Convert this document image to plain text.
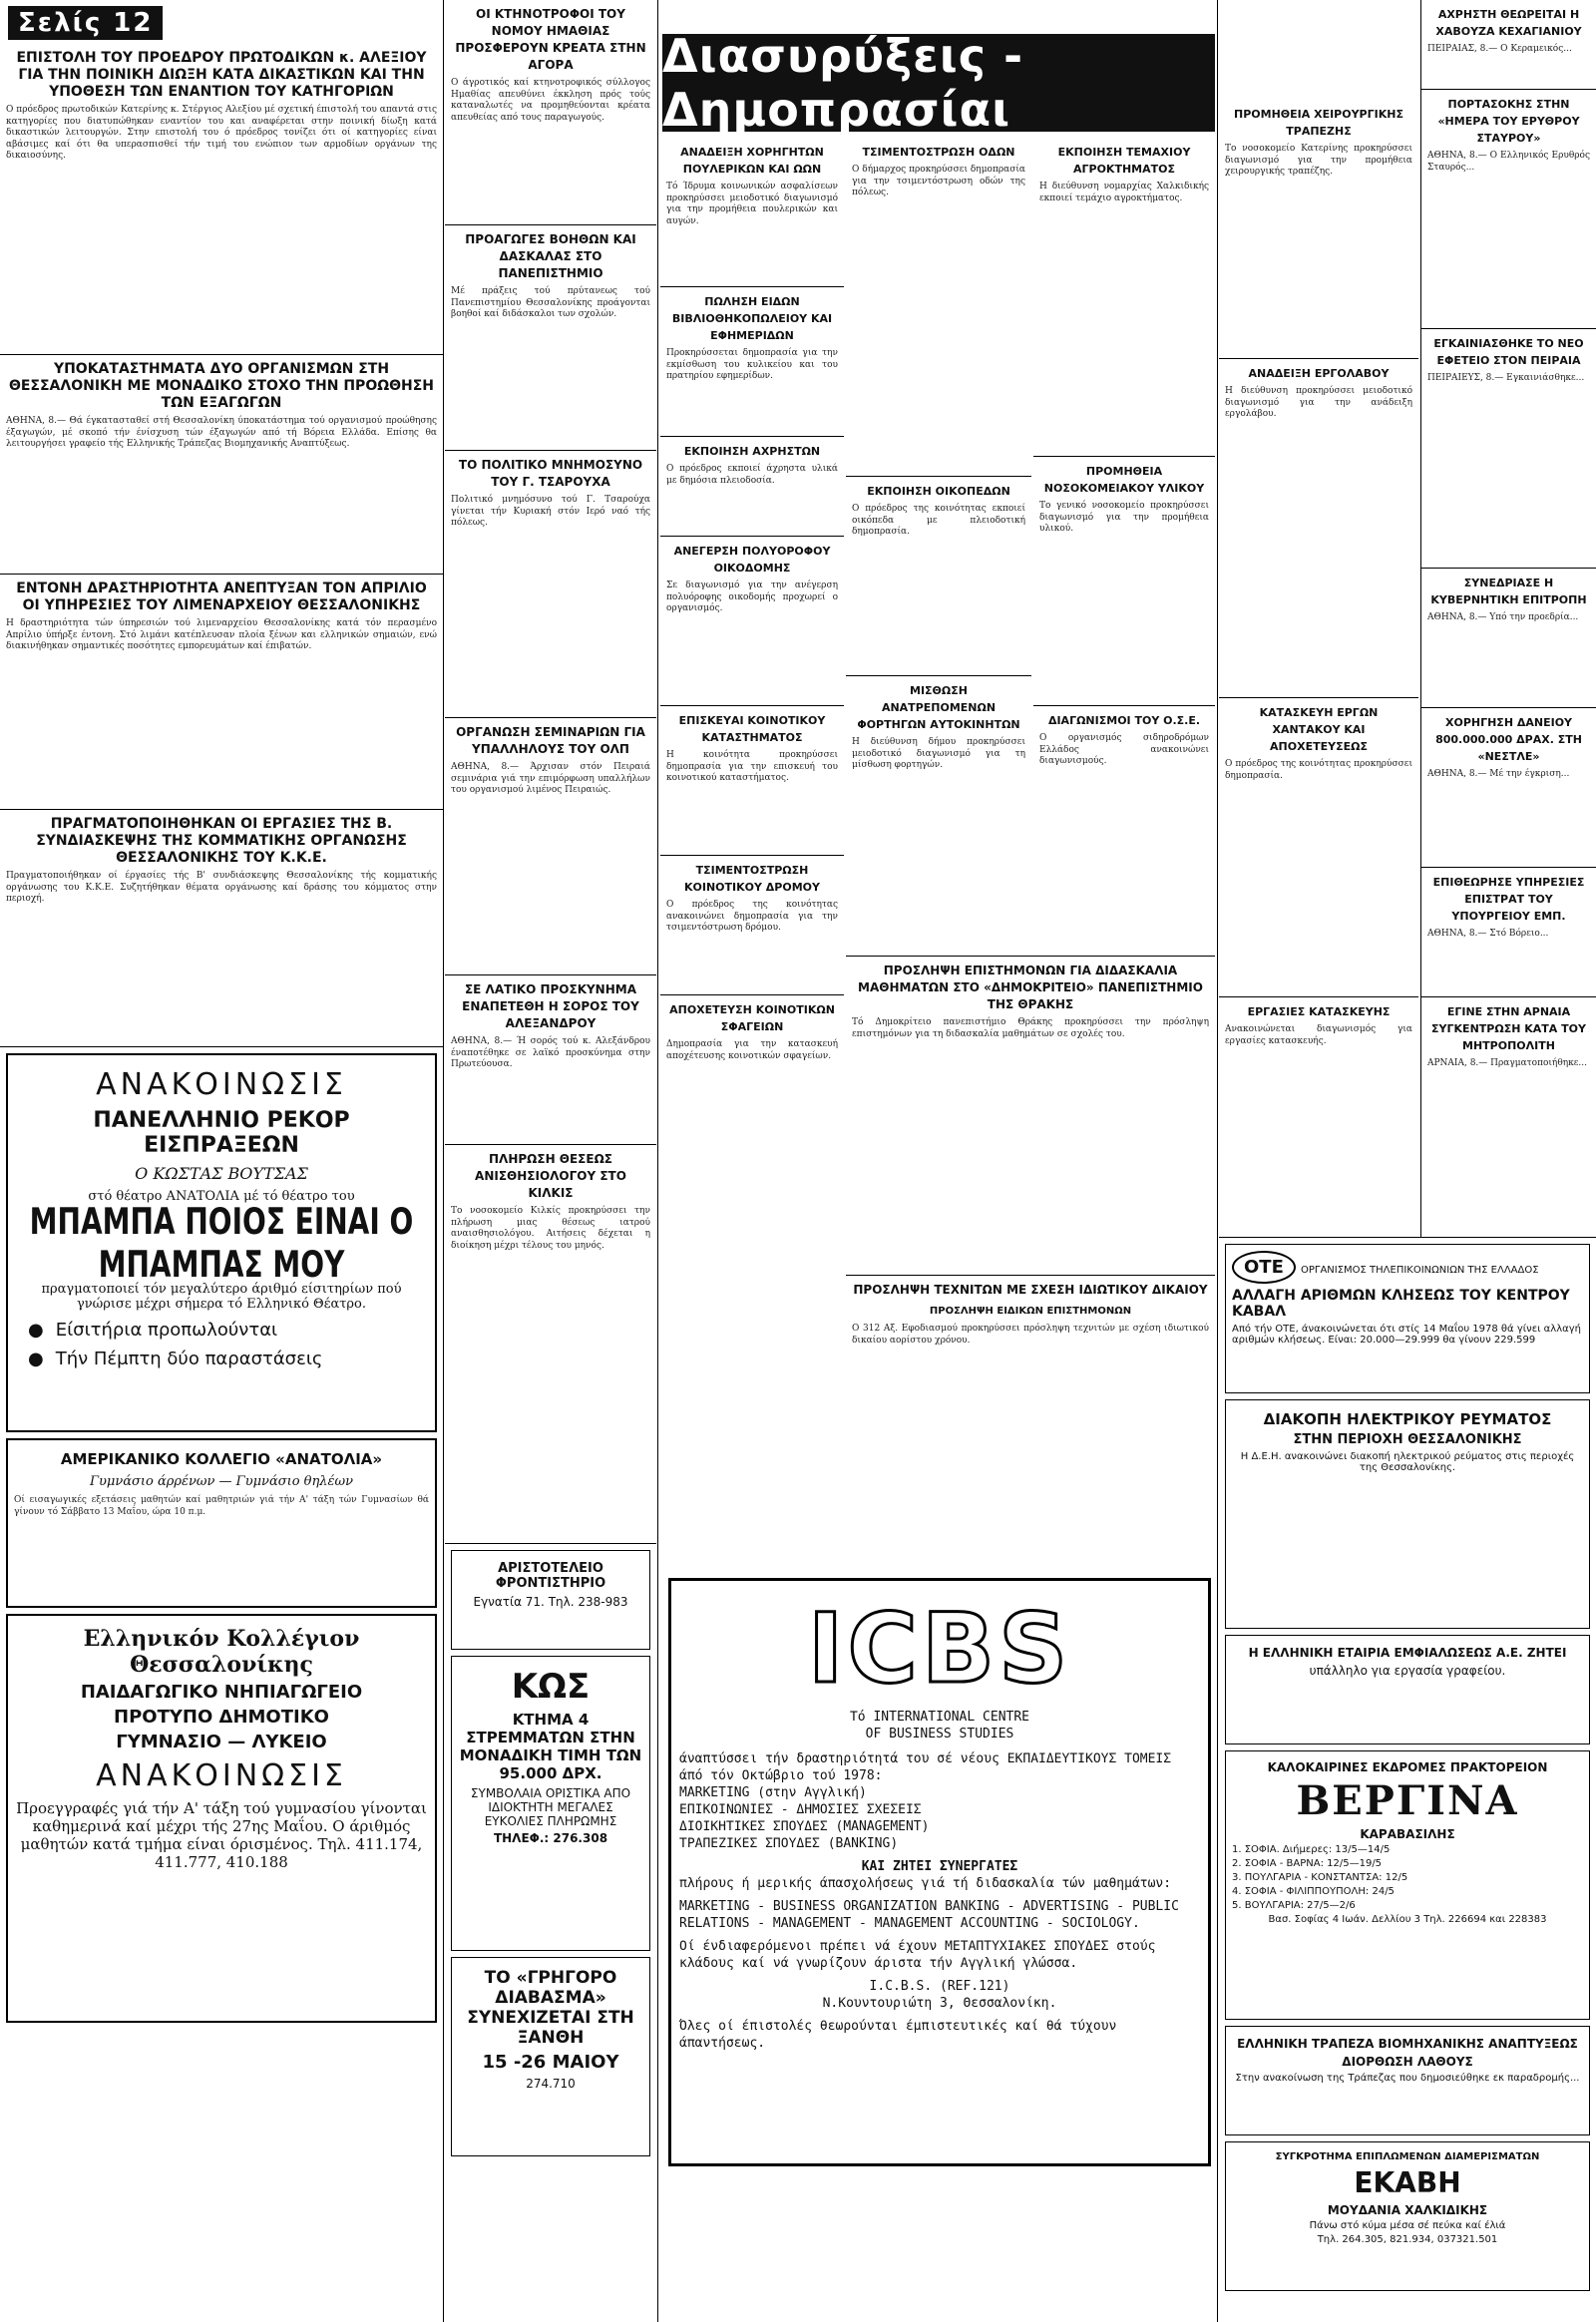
Σελίς 12
ΕΠΙΣΤΟΛΗ ΤΟΥ ΠΡΟΕΔΡΟΥ ΠΡΩΤΟΔΙΚΩΝ κ. ΑΛΕΞΙΟΥ ΓΙΑ ΤΗΝ ΠΟΙΝΙΚΗ ΔΙΩΞΗ ΚΑΤΑ ΔΙΚΑΣΤΙΚΩΝ ΚΑΙ ΤΗΝ ΥΠΟΘΕΣΗ ΤΩΝ ΕΝΑΝΤΙΟΝ ΤΟΥ ΚΑΤΗΓΟΡΙΩΝ
Ο πρόεδρος πρωτοδικών Κατερίνης κ. Στέργιος Αλεξίου μέ σχετική έπιστολή του απαντά στις κατηγορίες που διατυπώθηκαν εναντίον του και αναφέρεται στην ποινική δίωξη κατά δικαστικών λειτουργών. Στην επιστολή του ό πρόεδρος τονίζει ότι οί κατηγορίες είναι αβάσιμες καί ότι θα υπερασπισθεί τήν τιμή του ενώπιον των αρμοδίων οργάνων της δικαιοσύνης.
ΥΠΟΚΑΤΑΣΤΗΜΑΤΑ ΔΥΟ ΟΡΓΑΝΙΣΜΩΝ ΣΤΗ ΘΕΣΣΑΛΟΝΙΚΗ ΜΕ ΜΟΝΑΔΙΚΟ ΣΤΟΧΟ ΤΗΝ ΠΡΟΩΘΗΣΗ ΤΩΝ ΕΞΑΓΩΓΩΝ
ΑΘΗΝΑ, 8.— Θά έγκατασταθεί στή Θεσσαλονίκη ύποκατάστημα τού οργανισμού προώθησης έξαγωγών, μέ σκοπό τήν ένίσχυση τών έξαγωγών από τή Βόρεια Ελλάδα. Επίσης θα λειτουργήσει γραφείο τής Ελληνικής Τράπεζας Βιομηχανικής Αναπτύξεως.
ΕΝΤΟΝΗ ΔΡΑΣΤΗΡΙΟΤΗΤΑ ΑΝΕΠΤΥΞΑΝ ΤΟΝ ΑΠΡΙΛΙΟ ΟΙ ΥΠΗΡΕΣΙΕΣ ΤΟΥ ΛΙΜΕΝΑΡΧΕΙΟΥ ΘΕΣΣΑΛΟΝΙΚΗΣ
Η δραστηριότητα τών ύπηρεσιών τού λιμεναρχείου Θεσσαλονίκης κατά τόν περασμένο Απρίλιο ύπήρξε έντονη. Στό λιμάνι κατέπλευσαν πλοία ξένων και ελληνικών σημαιών, ενώ διακινήθηκαν σημαντικές ποσότητες εμπορευμάτων καί έπιβατών.
ΠΡΑΓΜΑΤΟΠΟΙΗΘΗΚΑΝ ΟΙ ΕΡΓΑΣΙΕΣ ΤΗΣ Β. ΣΥΝΔΙΑΣΚΕΨΗΣ ΤΗΣ ΚΟΜΜΑΤΙΚΗΣ ΟΡΓΑΝΩΣΗΣ ΘΕΣΣΑΛΟΝΙΚΗΣ ΤΟΥ Κ.Κ.Ε.
Πραγματοποιήθηκαν οί έργασίες τής Β' συνδιάσκεψης Θεσσαλονίκης τής κομματικής οργάνωσης του Κ.Κ.Ε. Συζητήθηκαν θέματα οργάνωσης καί δράσης του κόμματος στην περιοχή.
ΑΝΑΚΟΙΝΩΣΙΣ
ΠΑΝΕΛΛΗΝΙΟ ΡΕΚΟΡ ΕΙΣΠΡΑΞΕΩΝ
Ο ΚΩΣΤΑΣ ΒΟΥΤΣΑΣ
στό θέατρο ΑΝΑΤΟΛΙΑ μέ τό θέατρο του
ΜΠΑΜΠΑ ΠΟΙΟΣ ΕΙΝΑΙ Ο ΜΠΑΜΠΑΣ ΜΟΥ
πραγματοποιεί τόν μεγαλύτερο άριθμό είσιτηρίων πού γνώρισε μέχρι σήμερα τό Ελληνικό Θέατρο.
● Είσιτήρια προπωλούνται
● Τήν Πέμπτη δύο παραστάσεις
ΑΜΕΡΙΚΑΝΙΚΟ ΚΟΛΛΕΓΙΟ «ΑΝΑΤΟΛΙΑ»
Γυμνάσιο άρρένων — Γυμνάσιο θηλέων
Οί εισαγωγικές εξετάσεις μαθητών καί μαθητριών γιά τήν Α' τάξη τών Γυμνασίων θά γίνουν τό Σάββατο 13 Μαΐου, ώρα 10 π.μ.
Ελληνικόν Κολλέγιον Θεσσαλονίκης
ΠΑΙΔΑΓΩΓΙΚΟ ΝΗΠΙΑΓΩΓΕΙΟ
ΠΡΟΤΥΠΟ ΔΗΜΟΤΙΚΟ
ΓΥΜΝΑΣΙΟ — ΛΥΚΕΙΟ
ΑΝΑΚΟΙΝΩΣΙΣ
Προεγγραφές γιά τήν Α' τάξη τού γυμνασίου γίνονται καθημερινά καί μέχρι τής 27ης Μαΐου. Ο άριθμός μαθητών κατά τμήμα είναι όρισμένος. Τηλ. 411.174, 411.777, 410.188
ΟΙ ΚΤΗΝΟΤΡΟΦΟΙ ΤΟΥ ΝΟΜΟΥ ΗΜΑΘΙΑΣ ΠΡΟΣΦΕΡΟΥΝ ΚΡΕΑΤΑ ΣΤΗΝ ΑΓΟΡΑ
Ο άγροτικός καί κτηνοτροφικός σύλλογος Ημαθίας απευθύνει έκκληση πρός τούς καταναλωτές να προμηθεύονται κρέατα απευθείας από τους παραγωγούς.
ΠΡΟΑΓΩΓΕΣ ΒΟΗΘΩΝ ΚΑΙ ΔΑΣΚΑΛΑΣ ΣΤΟ ΠΑΝΕΠΙΣΤΗΜΙΟ
Μέ πράξεις τού πρύτανεως τού Πανεπιστημίου Θεσσαλονίκης προάγονται βοηθοί καί διδάσκαλοι των σχολών.
ΤΟ ΠΟΛΙΤΙΚΟ ΜΝΗΜΟΣΥΝΟ ΤΟΥ Γ. ΤΣΑΡΟΥΧΑ
Πολιτικό μνημόσυνο τού Γ. Τσαρούχα γίνεται τήν Κυριακή στόν Ιερό ναό τής πόλεως.
ΟΡΓΑΝΩΣΗ ΣΕΜΙΝΑΡΙΩΝ ΓΙΑ ΥΠΑΛΛΗΛΟΥΣ ΤΟΥ ΟΛΠ
ΑΘΗΝΑ, 8.— Άρχισαν στόν Πειραιά σεμινάρια γιά την επιμόρφωση υπαλλήλων του οργανισμού λιμένος Πειραιώς.
ΣΕ ΛΑΤΙΚΟ ΠΡΟΣΚΥΝΗΜΑ ΕΝΑΠΕΤΕΘΗ Η ΣΟΡΟΣ ΤΟΥ ΑΛΕΞΑΝΔΡΟΥ
ΑΘΗΝΑ, 8.— Ή σορός τού κ. Αλεξάνδρου έναποτέθηκε σε λαϊκό προσκύνημα στην Πρωτεύουσα.
ΠΛΗΡΩΣΗ ΘΕΣΕΩΣ ΑΝΙΣΘΗΣΙΟΛΟΓΟΥ ΣΤΟ ΚΙΛΚΙΣ
Το νοσοκομείο Κιλκίς προκηρύσσει την πλήρωση μιας θέσεως ιατρού αναισθησιολόγου. Αιτήσεις δέχεται η διοίκηση μέχρι τέλους του μηνός.
ΑΡΙΣΤΟΤΕΛΕΙΟ ΦΡΟΝΤΙΣΤΗΡΙΟ
Εγνατία 71. Τηλ. 238-983
ΚΩΣ
ΚΤΗΜΑ 4 ΣΤΡΕΜΜΑΤΩΝ ΣΤΗΝ ΜΟΝΑΔΙΚΗ ΤΙΜΗ ΤΩΝ 95.000 ΔΡΧ.
ΣΥΜΒΟΛΑΙΑ ΟΡΙΣΤΙΚΑ ΑΠΟ ΙΔΙΟΚΤΗΤΗ ΜΕΓΑΛΕΣ ΕΥΚΟΛΙΕΣ ΠΛΗΡΩΜΗΣ
ΤΗΛΕΦ.: 276.308
ΤΟ «ΓΡΗΓΟΡΟ ΔΙΑΒΑΣΜΑ» ΣΥΝΕΧΙΖΕΤΑΙ ΣΤΗ ΞΑΝΘΗ
15 -26 ΜΑΙΟΥ
274.710
Διασυρύξεις - Δημοπρασίαι
ΑΝΑΔΕΙΞΗ ΧΟΡΗΓΗΤΩΝ ΠΟΥΛΕΡΙΚΩΝ ΚΑΙ ΩΩΝ
Τό Ίδρυμα κοινωνικών ασφαλίσεων προκηρύσσει μειοδοτικό διαγωνισμό για την προμήθεια πουλερικών και αυγών.
ΠΩΛΗΣΗ ΕΙΔΩΝ ΒΙΒΛΙΟΘΗΚΟΠΩΛΕΙΟΥ ΚΑΙ ΕΦΗΜΕΡΙΔΩΝ
Προκηρύσσεται δημοπρασία για την εκμίσθωση του κυλικείου και του πρατηρίου εφημερίδων.
ΕΚΠΟΙΗΣΗ ΑΧΡΗΣΤΩΝ
Ο πρόεδρος εκποιεί άχρηστα υλικά με δημόσια πλειοδοσία.
ΑΝΕΓΕΡΣΗ ΠΟΛΥΟΡΟΦΟΥ ΟΙΚΟΔΟΜΗΣ
Σε διαγωνισμό για την ανέγερση πολυόροφης οικοδομής προχωρεί ο οργανισμός.
ΕΠΙΣΚΕΥΑΙ ΚΟΙΝΟΤΙΚΟΥ ΚΑΤΑΣΤΗΜΑΤΟΣ
Η κοινότητα προκηρύσσει δημοπρασία για την επισκευή του κοινοτικού καταστήματος.
ΤΣΙΜΕΝΤΟΣΤΡΩΣΗ ΚΟΙΝΟΤΙΚΟΥ ΔΡΟΜΟΥ
Ο πρόεδρος της κοινότητας ανακοινώνει δημοπρασία για την τσιμεντόστρωση δρόμου.
ΑΠΟΧΕΤΕΥΣΗ ΚΟΙΝΟΤΙΚΩΝ ΣΦΑΓΕΙΩΝ
Δημοπρασία για την κατασκευή αποχέτευσης κοινοτικών σφαγείων.
ΤΣΙΜΕΝΤΟΣΤΡΩΣΗ ΟΔΩΝ
Ο δήμαρχος προκηρύσσει δημοπρασία για την τσιμεντόστρωση οδών της πόλεως.
ΕΚΠΟΙΗΣΗ ΟΙΚΟΠΕΔΩΝ
Ο πρόεδρος της κοινότητας εκποιεί οικόπεδα με πλειοδοτική δημοπρασία.
ΜΙΣΘΩΣΗ ΑΝΑΤΡΕΠΟΜΕΝΩΝ ΦΟΡΤΗΓΩΝ ΑΥΤΟΚΙΝΗΤΩΝ
Η διεύθυνση δήμου προκηρύσσει μειοδοτικό διαγωνισμό για τη μίσθωση φορτηγών.
ΕΚΠΟΙΗΣΗ ΤΕΜΑΧΙΟΥ ΑΓΡΟΚΤΗΜΑΤΟΣ
Η διεύθυνση νομαρχίας Χαλκιδικής εκποιεί τεμάχιο αγροκτήματος.
ΠΡΟΜΗΘΕΙΑ ΝΟΣΟΚΟΜΕΙΑΚΟΥ ΥΛΙΚΟΥ
Το γενικό νοσοκομείο προκηρύσσει διαγωνισμό για την προμήθεια υλικού.
ΔΙΑΓΩΝΙΣΜΟΙ ΤΟΥ Ο.Σ.Ε.
Ο οργανισμός σιδηροδρόμων Ελλάδος ανακοινώνει διαγωνισμούς.
ΠΡΟΣΛΗΨΗ ΕΠΙΣΤΗΜΟΝΩΝ ΓΙΑ ΔΙΔΑΣΚΑΛΙΑ ΜΑΘΗΜΑΤΩΝ ΣΤΟ «ΔΗΜΟΚΡΙΤΕΙΟ» ΠΑΝΕΠΙΣΤΗΜΙΟ ΤΗΣ ΘΡΑΚΗΣ
Τό Δημοκρίτειο πανεπιστήμιο Θράκης προκηρύσσει την πρόσληψη επιστημόνων για τη διδασκαλία μαθημάτων σε σχολές του.
ΠΡΟΣΛΗΨΗ ΤΕΧΝΙΤΩΝ ΜΕ ΣΧΕΣΗ ΙΔΙΩΤΙΚΟΥ ΔΙΚΑΙΟΥ
ΠΡΟΣΛΗΨΗ ΕΙΔΙΚΩΝ ΕΠΙΣΤΗΜΟΝΩΝ
Ο 312 Αξ. Εφοδιασμού προκηρύσσει πρόσληψη τεχνιτών με σχέση ιδιωτικού δικαίου αορίστου χρόνου.
ICBS
Τό INTERNATIONAL CENTRE
OF BUSINESS STUDIES
άναπτύσσει τήν δραστηριότητά του σέ νέους ΕΚΠΑΙΔΕΥΤΙΚΟΥΣ ΤΟΜΕΙΣ άπό τόν Οκτώβριο τού 1978:
MARKETING (στην Αγγλική)
ΕΠΙΚΟΙΝΩΝΙΕΣ - ΔΗΜΟΣΙΕΣ ΣΧΕΣΕΙΣ
ΔΙΟΙΚΗΤΙΚΕΣ ΣΠΟΥΔΕΣ (MANAGEMENT)
ΤΡΑΠΕΖΙΚΕΣ ΣΠΟΥΔΕΣ (BANKING)
ΚΑΙ ΖΗΤΕΙ ΣΥΝΕΡΓΑΤΕΣ
πλήρους ή μερικής άπασχολήσεως γιά τή διδασκαλία τών μαθημάτων:
MARKETING - BUSINESS ORGANIZATION BANKING - ADVERTISING - PUBLIC RELATIONS - MANAGEMENT - MANAGEMENT ACCOUNTING - SOCIOLOGY.
Οί ένδιαφερόμενοι πρέπει νά έχουν ΜΕΤΑΠΤΥΧΙΑΚΕΣ ΣΠΟΥΔΕΣ στούς κλάδους καί νά γνωρίζουν άριστα τήν Αγγλική γλώσσα.
I.C.B.S. (REF.121)
Ν.Κουντουριώτη 3, Θεσσαλονίκη.
Όλες οί έπιστολές θεωρούνται έμπιστευτικές καί θά τύχουν άπαντήσεως.
ΠΡΟΜΗΘΕΙΑ ΧΕΙΡΟΥΡΓΙΚΗΣ ΤΡΑΠΕΖΗΣ
Το νοσοκομείο Κατερίνης προκηρύσσει διαγωνισμό για την προμήθεια χειρουργικής τραπέζης.
ΑΝΑΔΕΙΞΗ ΕΡΓΟΛΑΒΟΥ
Η διεύθυνση προκηρύσσει μειοδοτικό διαγωνισμό για την ανάδειξη εργολάβου.
ΚΑΤΑΣΚΕΥΗ ΕΡΓΩΝ ΧΑΝΤΑΚΟΥ ΚΑΙ ΑΠΟΧΕΤΕΥΣΕΩΣ
Ο πρόεδρος της κοινότητας προκηρύσσει δημοπρασία.
ΕΡΓΑΣΙΕΣ ΚΑΤΑΣΚΕΥΗΣ
Ανακοινώνεται διαγωνισμός για εργασίες κατασκευής.
ΑΧΡΗΣΤΗ ΘΕΩΡΕΙΤΑΙ Η ΧΑΒΟΥΖΑ ΚΕΧΑΓΙΑΝΙΟΥ
ΠΕΙΡΑΙΑΣ, 8.— Ο Κεραμεικός...
ΠΟΡΤΑΣΟΚΗΣ ΣΤΗΝ «ΗΜΕΡΑ ΤΟΥ ΕΡΥΘΡΟΥ ΣΤΑΥΡΟΥ»
ΑΘΗΝΑ, 8.— Ο Ελληνικός Ερυθρός Σταυρός...
ΕΓΚΑΙΝΙΑΣΘΗΚΕ ΤΟ ΝΕΟ ΕΦΕΤΕΙΟ ΣΤΟΝ ΠΕΙΡΑΙΑ
ΠΕΙΡΑΙΕΥΣ, 8.— Εγκαινιάσθηκε...
ΣΥΝΕΔΡΙΑΣΕ Η ΚΥΒΕΡΝΗΤΙΚΗ ΕΠΙΤΡΟΠΗ
ΑΘΗΝΑ, 8.— Υπό την προεδρία...
ΧΟΡΗΓΗΣΗ ΔΑΝΕΙΟΥ 800.000.000 ΔΡΑΧ. ΣΤΗ «ΝΕΣΤΛΕ»
ΑΘΗΝΑ, 8.— Μέ την έγκριση...
ΕΠΙΘΕΩΡΗΣΕ ΥΠΗΡΕΣΙΕΣ ΕΠΙΣΤΡΑΤ ΤΟΥ ΥΠΟΥΡΓΕΙΟΥ ΕΜΠ.
ΑΘΗΝΑ, 8.— Στό Βόρειο...
ΕΓΙΝΕ ΣΤΗΝ ΑΡΝΑΙΑ ΣΥΓΚΕΝΤΡΩΣΗ ΚΑΤΑ ΤΟΥ ΜΗΤΡΟΠΟΛΙΤΗ
ΑΡΝΑΙΑ, 8.— Πραγματοποιήθηκε...
ΟΤΕ ΟΡΓΑΝΙΣΜΟΣ ΤΗΛΕΠΙΚΟΙΝΩΝΙΩΝ ΤΗΣ ΕΛΛΑΔΟΣ
ΑΛΛΑΓΗ ΑΡΙΘΜΩΝ ΚΛΗΣΕΩΣ ΤΟΥ ΚΕΝΤΡΟΥ ΚΑΒΑΛ
Από τήν ΟΤΕ, άνακοινώνεται ότι στίς 14 Μαΐου 1978 θά γίνει αλλαγή αριθμών κλήσεως. Είναι: 20.000—29.999 θα γίνουν 229.599
ΔΙΑΚΟΠΗ ΗΛΕΚΤΡΙΚΟΥ ΡΕΥΜΑΤΟΣ
ΣΤΗΝ ΠΕΡΙΟΧΗ ΘΕΣΣΑΛΟΝΙΚΗΣ
Η Δ.Ε.Η. ανακοινώνει διακοπή ηλεκτρικού ρεύματος στις περιοχές της Θεσσαλονίκης.
Η ΕΛΛΗΝΙΚΗ ΕΤΑΙΡΙΑ ΕΜΦΙΑΛΩΣΕΩΣ Α.Ε. ΖΗΤΕΙ
υπάλληλο για εργασία γραφείου.
ΚΑΛΟΚΑΙΡΙΝΕΣ ΕΚΔΡΟΜΕΣ ΠΡΑΚΤΟΡΕΙΟΝ
ΒΕΡΓΙΝΑ
ΚΑΡΑΒΑΣΙΛΗΣ
1. ΣΟΦΙΑ. Διήμερες: 13/5—14/5
2. ΣΟΦΙΑ - ΒΑΡΝΑ: 12/5—19/5
3. ΠΟΥΛΓΑΡΙΑ - ΚΟΝΣΤΑΝΤΣΑ: 12/5
4. ΣΟΦΙΑ - ΦΙΛΙΠΠΟΥΠΟΛΗ: 24/5
5. ΒΟΥΛΓΑΡΙΑ: 27/5—2/6
Βασ. Σοφίας 4 Ιωάν. Δελλίου 3 Τηλ. 226694 και 228383
ΕΛΛΗΝΙΚΗ ΤΡΑΠΕΖΑ ΒΙΟΜΗΧΑΝΙΚΗΣ ΑΝΑΠΤΥΞΕΩΣ
ΔΙΟΡΘΩΣΗ ΛΑΘΟΥΣ
Στην ανακοίνωση της Τράπεζας που δημοσιεύθηκε εκ παραδρομής...
ΣΥΓΚΡΟΤΗΜΑ ΕΠΙΠΛΩΜΕΝΩΝ ΔΙΑΜΕΡΙΣΜΑΤΩΝ
ΕΚΑΒΗ
ΜΟΥΔΑΝΙΑ ΧΑΛΚΙΔΙΚΗΣ
Πάνω στό κύμα μέσα σέ πεύκα καί έλιά
Τηλ. 264.305, 821.934, 037321.501
